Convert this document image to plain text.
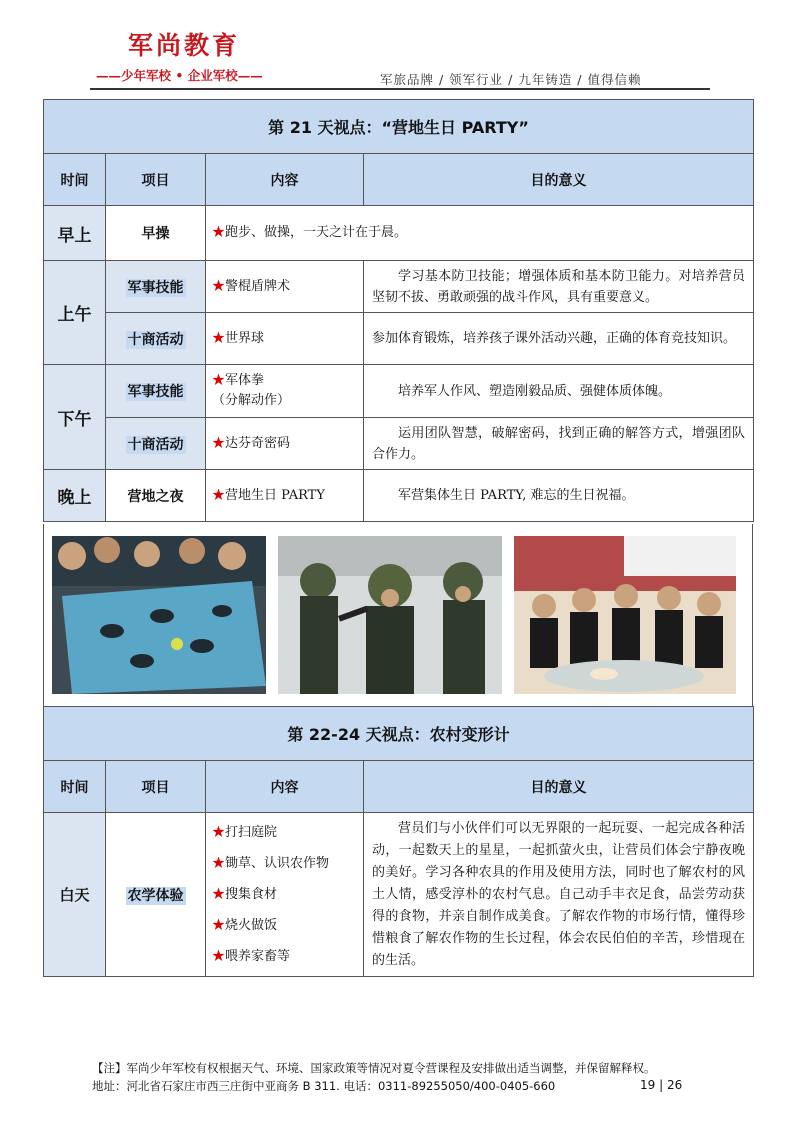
军尚教育
——少年军校 • 企业军校——	军旅品牌 / 领军行业 / 九年铸造 / 值得信赖
第 21 天视点：“营地生日 PARTY”			
时间	项目	内容	目的意义
早上	早操	★跑步、做操，一天之计在于晨。	
上午	军事技能	★警棍盾牌术	学习基本防卫技能；增强体质和基本防卫能力。对培养营员坚韧不拔、勇敢顽强的战斗作风，具有重要意义。

	十商活动	★世界球	参加体育锻炼，培养孩子课外活动兴趣，正确的体育竞技知识。

下午	军事技能	★军体拳
（分解动作）	培养军人作风、塑造刚毅品质、强健体质体魄。

	十商活动	★达芬奇密码	运用团队智慧，破解密码，找到正确的解答方式，增强团队合作力。

晚上	营地之夜	★营地生日 PARTY	军营集体生日 PARTY, 难忘的生日祝福。
第 22-24 天视点：农村变形计			
时间	项目	内容	目的意义
白天	农学体验	★打扫庭院
★锄草、认识农作物
★搜集食材
★烧火做饭
★喂养家畜等	营员们与小伙伴们可以无界限的一起玩耍、一起完成各种活动，一起数天上的星星，一起抓萤火虫，让营员们体会宁静夜晚的美好。学习各种农具的作用及使用方法，同时也了解农村的风土人情，感受淳朴的农村气息。自己动手丰衣足食，品尝劳动获得的食物，并亲自制作成美食。了解农作物的市场行情，懂得珍惜粮食了解农作物的生长过程，体会农民伯伯的辛苦，珍惜现在的生活。
【注】军尚少年军校有权根据天气、环境、国家政策等情况对夏令营课程及安排做出适当调整，并保留解释权。
地址：河北省石家庄市西三庄街中亚商务 B 311. 电话：0311-89255050/400-0405-660	19 | 26
